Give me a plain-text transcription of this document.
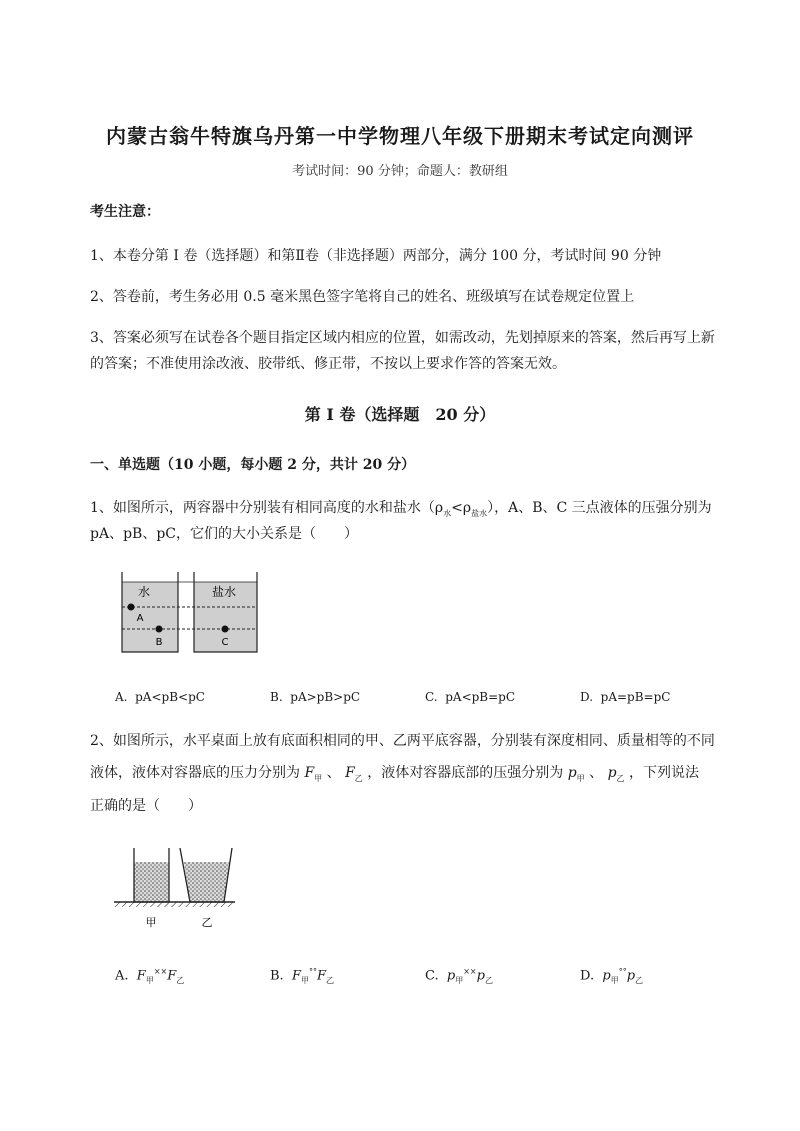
内蒙古翁牛特旗乌丹第一中学物理八年级下册期末考试定向测评
考试时间：90 分钟；命题人：教研组
考生注意：
1、本卷分第 I 卷（选择题）和第Ⅱ卷（非选择题）两部分，满分 100 分，考试时间 90 分钟
2、答卷前，考生务必用 0.5 毫米黑色签字笔将自己的姓名、班级填写在试卷规定位置上
3、答案必须写在试卷各个题目指定区域内相应的位置，如需改动，先划掉原来的答案，然后再写上新
的答案；不准使用涂改液、胶带纸、修正带，不按以上要求作答的答案无效。
第 I 卷（选择题　20 分）
一、单选题（10 小题，每小题 2 分，共计 20 分）
1、如图所示，两容器中分别装有相同高度的水和盐水$(\rho_水<\rho_{盐水})$，A、B、C 三点液体的压强分别为
pA、pB、pC，它们的大小关系是（　　）
水	盐水
A
B	C
A. pA<pB<pC	B. pA>pB>pC	C. pA<pB=pC	D. pA=pB=pC
2、如图所示，水平桌面上放有底面积相同的甲、乙两平底容器，分别装有深度相同、质量相等的不同
液体，液体对容器底的压力分别为 $F_甲$ 、 $F_乙$ ，液体对容器底部的压强分别为 $p_甲$ 、 $p_乙$ ，下列说法
正确的是（　　）
甲	乙
A. $F_甲^{\times\times}F_乙$	B. $F_甲^{^\circ^\circ}F_乙$	C. $p_甲^{\times\times}p_乙$	D. $p_甲^{^\circ^\circ}p_乙$
